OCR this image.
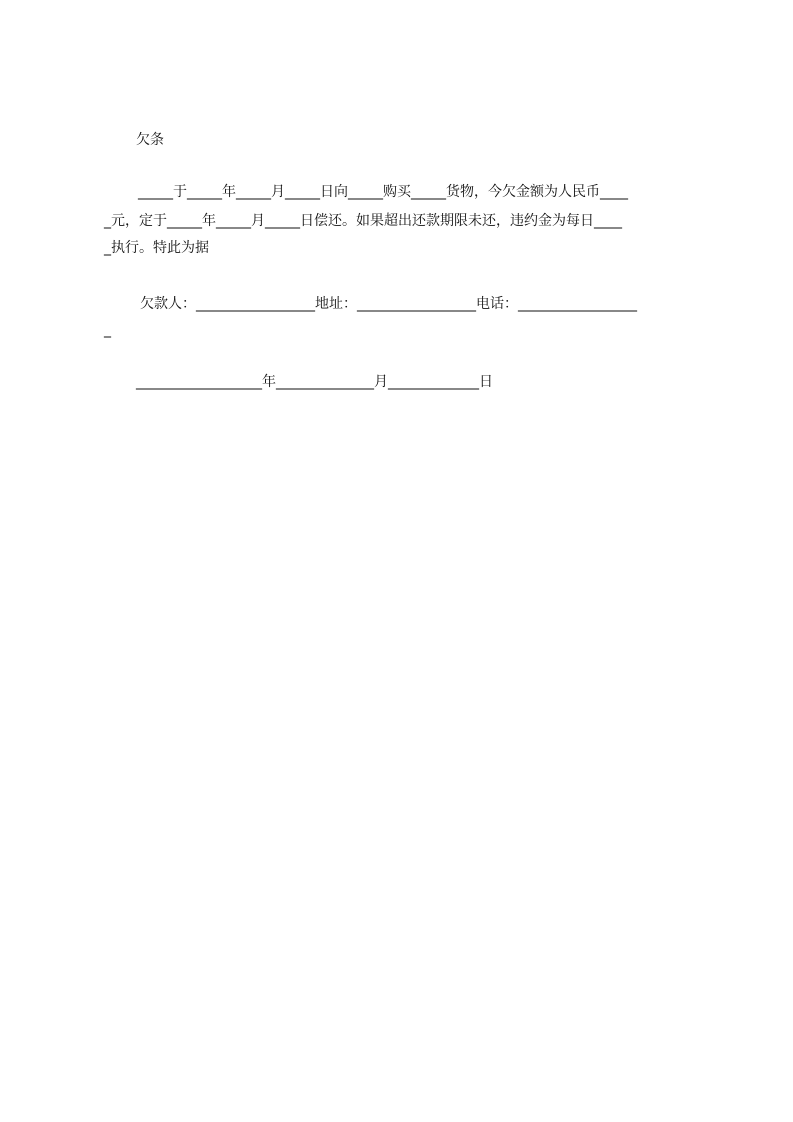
欠条
_____于_____年_____月_____日向_____购买_____货物，今欠金额为人民币____
_元，定于_____年_____月_____日偿还。如果超出还款期限未还，违约金为每日____
_执行。特此为据
欠款人：_________________地址：_________________电话：_________________
_
__________________年______________月_____________日
